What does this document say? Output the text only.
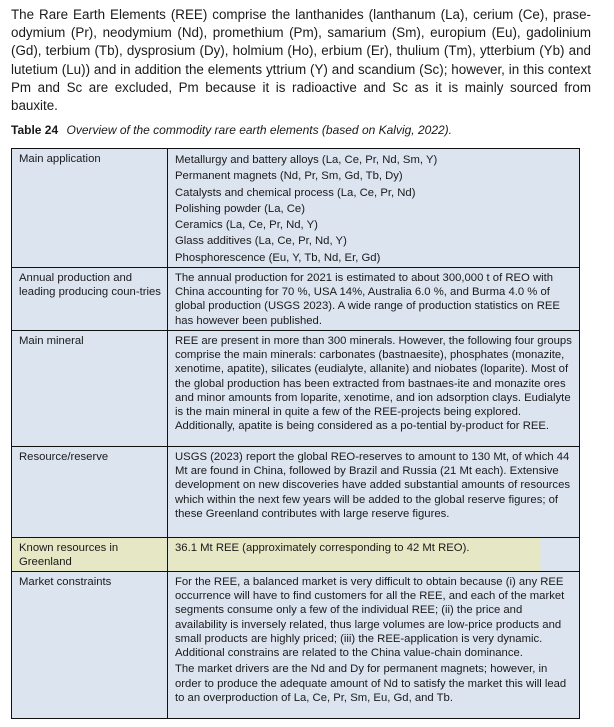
The Rare Earth Elements (REE) comprise the lanthanides (lanthanum (La), cerium (Ce), prase-odymium (Pr), neodymium (Nd), promethium (Pm), samarium (Sm), europium (Eu), gadolinium (Gd), terbium (Tb), dysprosium (Dy), holmium (Ho), erbium (Er), thulium (Tm), ytterbium (Yb) and lutetium (Lu)) and in addition the elements yttrium (Y) and scandium (Sc); however, in this context Pm and Sc are excluded, Pm because it is radioactive and Sc as it is mainly sourced from bauxite.

Table 24 Overview of the commodity rare earth elements (based on Kalvig, 2022).

Main application	Metallurgy and battery alloys (La, Ce, Pr, Nd, Sm, Y)
Permanent magnets (Nd, Pr, Sm, Gd, Tb, Dy)
Catalysts and chemical process (La, Ce, Pr, Nd)
Polishing powder (La, Ce)
Ceramics (La, Ce, Pr, Nd, Y)
Glass additives (La, Ce, Pr, Nd, Y)
Phosphorescence (Eu, Y, Tb, Nd, Er, Gd)

Annual production and leading producing coun-tries	The annual production for 2021 is estimated to about 300,000 t of REO with China accounting for 70 %, USA 14%, Australia 6.0 %, and Burma 4.0 % of global production (USGS 2023). A wide range of production statistics on REE has however been published.

Main mineral	REE are present in more than 300 minerals. However, the following four groups comprise the main minerals: carbonates (bastnaesite), phosphates (monazite, xenotime, apatite), silicates (eudialyte, allanite) and niobates (loparite). Most of the global production has been extracted from bastnaes-ite and monazite ores and minor amounts from loparite, xenotime, and ion adsorption clays. Eudialyte is the main mineral in quite a few of the REE-projects being explored. Additionally, apatite is being considered as a po-tential by-product for REE.

Resource/reserve	USGS (2023) report the global REO-reserves to amount to 130 Mt, of which 44 Mt are found in China, followed by Brazil and Russia (21 Mt each). Extensive development on new discoveries have added substantial amounts of resources which within the next few years will be added to the global reserve figures; of these Greenland contributes with large reserve figures.

Known resources in Greenland	36.1 Mt REE (approximately corresponding to 42 Mt REO).

Market constraints	For the REE, a balanced market is very difficult to obtain because (i) any REE occurrence will have to find customers for all the REE, and each of the market segments consume only a few of the individual REE; (ii) the price and availability is inversely related, thus large volumes are low-price products and small products are highly priced; (iii) the REE-application is very dynamic. Additional constrains are related to the China value-chain dominance.
The market drivers are the Nd and Dy for permanent magnets; however, in order to produce the adequate amount of Nd to satisfy the market this will lead to an overproduction of La, Ce, Pr, Sm, Eu, Gd, and Tb.
